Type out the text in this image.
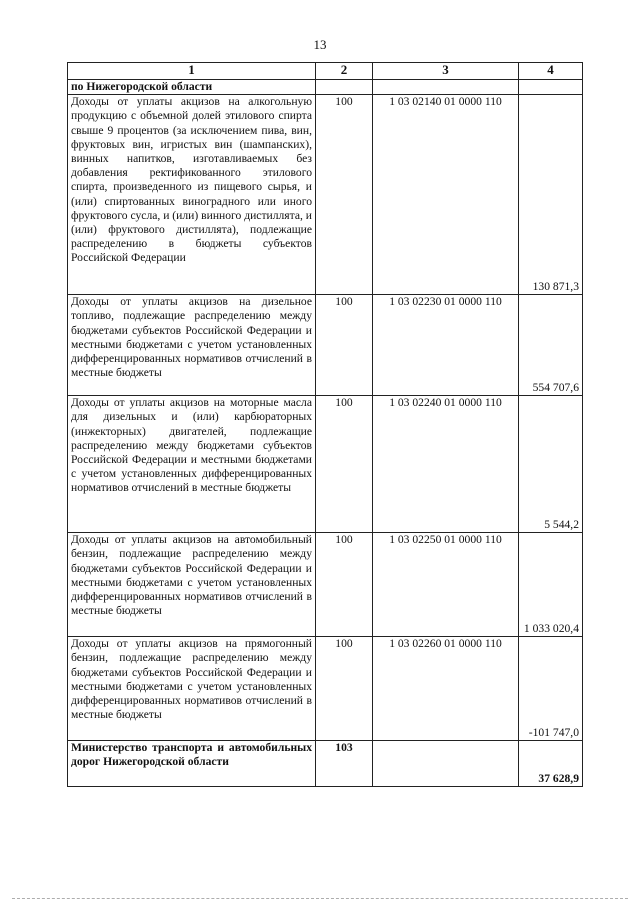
13
1	2	3	4
по Нижегородской области			
Доходы от уплаты акцизов на алкогольную продукцию с объемной долей этилового спирта свыше 9 процентов (за исключением пива, вин, фруктовых вин, игристых вин (шампанских), винных напитков, изготавливаемых без добавления ректификованного этилового спирта, произведенного из пищевого сырья, и (или) спиртованных виноградного или иного фруктового сусла, и (или) винного дистиллята, и (или) фруктового дистиллята), подлежащие распределению в бюджеты субъектов Российской Федерации	100	1 03 02140 01 0000 110	130 871,3
Доходы от уплаты акцизов на дизельное топливо, подлежащие распределению между бюджетами субъектов Российской Федерации и местными бюджетами с учетом установленных дифференцированных нормативов отчислений в местные бюджеты	100	1 03 02230 01 0000 110	554 707,6
Доходы от уплаты акцизов на моторные масла для дизельных и (или) карбюраторных (инжекторных) двигателей, подлежащие распределению между бюджетами субъектов Российской Федерации и местными бюджетами с учетом установленных дифференцированных нормативов отчислений в местные бюджеты	100	1 03 02240 01 0000 110	5 544,2
Доходы от уплаты акцизов на автомобильный бензин, подлежащие распределению между бюджетами субъектов Российской Федерации и местными бюджетами с учетом установленных дифференцированных нормативов отчислений в местные бюджеты	100	1 03 02250 01 0000 110	1 033 020,4
Доходы от уплаты акцизов на прямогонный бензин, подлежащие распределению между бюджетами субъектов Российской Федерации и местными бюджетами с учетом установленных дифференцированных нормативов отчислений в местные бюджеты	100	1 03 02260 01 0000 110	-101 747,0
Министерство транспорта и автомобильных дорог Нижегородской области	103		37 628,9
